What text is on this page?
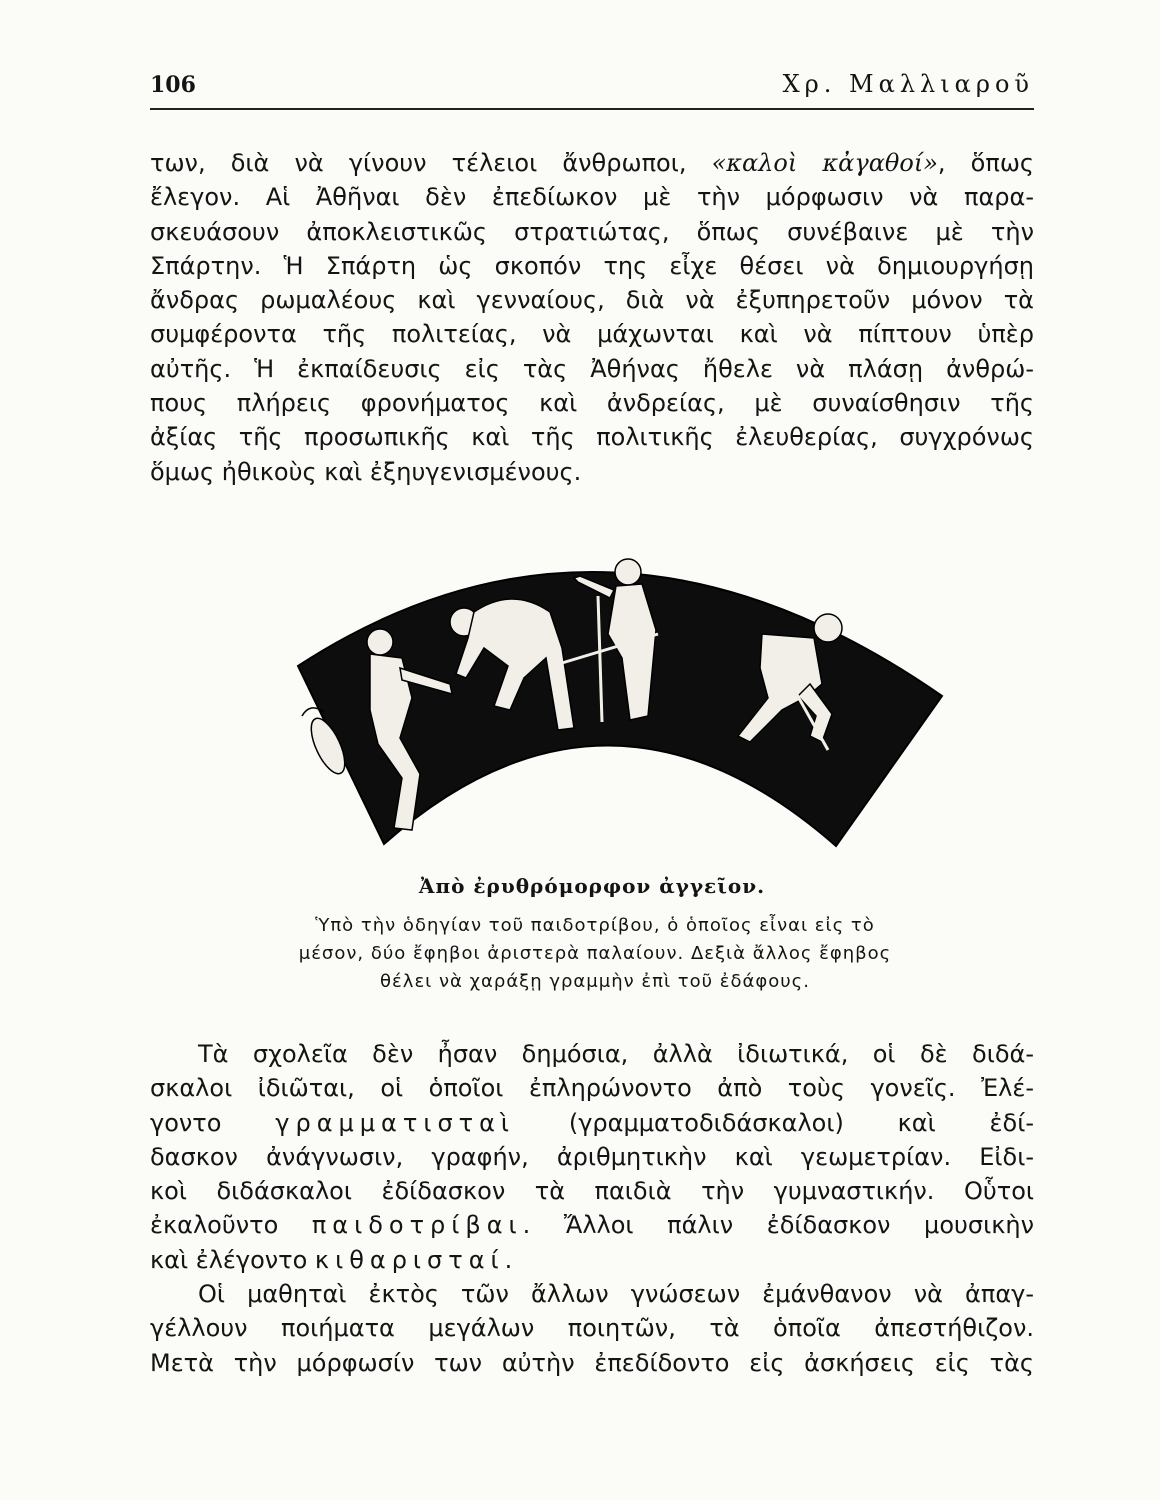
106	Χρ. Μαλλιαροῦ

των, διὰ νὰ γίνουν τέλειοι ἄνθρωποι, «καλοὶ κἀγαθοί», ὅπως
ἔλεγον. Αἱ Ἀθῆναι δὲν ἐπεδίωκον μὲ τὴν μόρφωσιν νὰ παρα-
σκευάσουν ἀποκλειστικῶς στρατιώτας, ὅπως συνέβαινε μὲ τὴν
Σπάρτην. Ἡ Σπάρτη ὡς σκοπόν της εἶχε θέσει νὰ δημιουργήσῃ
ἄνδρας ρωμαλέους καὶ γενναίους, διὰ νὰ ἐξυπηρετοῦν μόνον τὰ
συμφέροντα τῆς πολιτείας, νὰ μάχωνται καὶ νὰ πίπτουν ὑπὲρ
αὐτῆς. Ἡ ἐκπαίδευσις εἰς τὰς Ἀθήνας ἤθελε νὰ πλάσῃ ἀνθρώ-
πους πλήρεις φρονήματος καὶ ἀνδρείας, μὲ συναίσθησιν τῆς
ἀξίας τῆς προσωπικῆς καὶ τῆς πολιτικῆς ἐλευθερίας, συγχρόνως
ὅμως ἠθικοὺς καὶ ἐξηυγενισμένους.

Ἀπὸ ἐρυθρόμορφον ἀγγεῖον.

Ὑπὸ τὴν ὁδηγίαν τοῦ παιδοτρίβου, ὁ ὁποῖος εἶναι εἰς τὸ
μέσον, δύο ἔφηβοι ἀριστερὰ παλαίουν. Δεξιὰ ἄλλος ἔφηβος
θέλει νὰ χαράξῃ γραμμὴν ἐπὶ τοῦ ἐδάφους.

Τὰ σχολεῖα δὲν ἦσαν δημόσια, ἀλλὰ ἰδιωτικά, οἱ δὲ διδά-
σκαλοι ἰδιῶται, οἱ ὁποῖοι ἐπληρώνοντο ἀπὸ τοὺς γονεῖς. Ἐλέ-
γοντο γραμματισταὶ (γραμματοδιδάσκαλοι) καὶ ἐδί-
δασκον ἀνάγνωσιν, γραφήν, ἀριθμητικὴν καὶ γεωμετρίαν. Εἰδι-
κοὶ διδάσκαλοι ἐδίδασκον τὰ παιδιὰ τὴν γυμναστικήν. Οὗτοι
ἐκαλοῦντο παιδοτρίβαι. Ἄλλοι πάλιν ἐδίδασκον μουσικὴν
καὶ ἐλέγοντο κιθαρισταί.

Οἱ μαθηταὶ ἐκτὸς τῶν ἄλλων γνώσεων ἐμάνθανον νὰ ἀπαγ-
γέλλουν ποιήματα μεγάλων ποιητῶν, τὰ ὁποῖα ἀπεστήθιζον.
Μετὰ τὴν μόρφωσίν των αὐτὴν ἐπεδίδοντο εἰς ἀσκήσεις εἰς τὰς
